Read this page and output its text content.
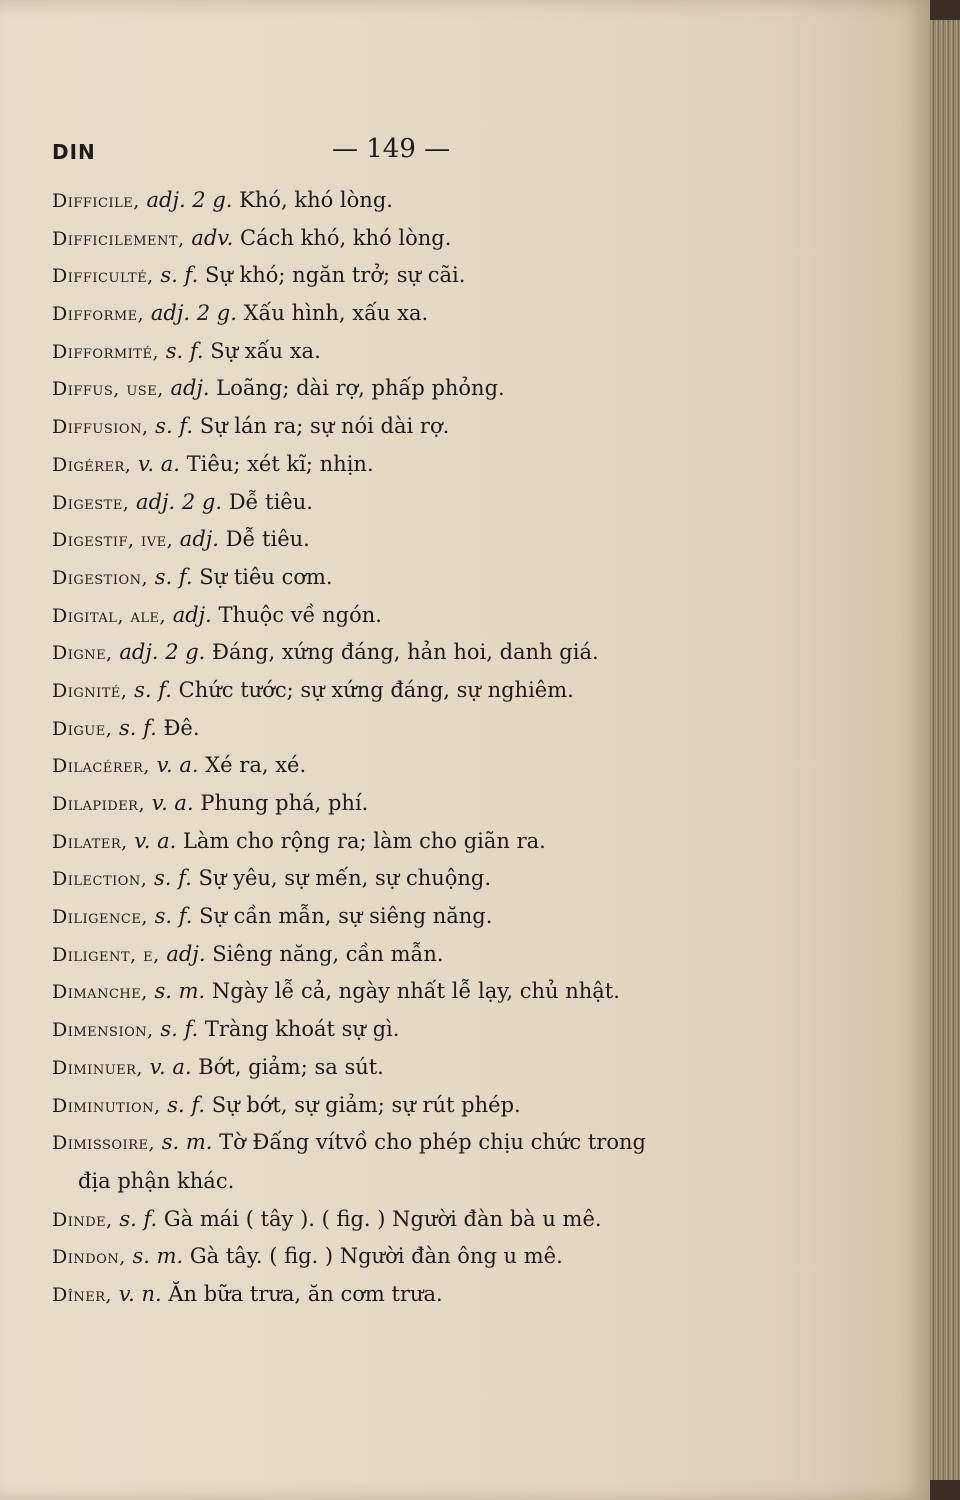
DIN	— 149 —
Difficile, adj. 2 g. Khó, khó lòng.
Difficilement, adv. Cách khó, khó lòng.
Difficulté, s. f. Sự khó; ngăn trở; sự cãi.
Difforme, adj. 2 g. Xấu hình, xấu xa.
Difformité, s. f. Sự xấu xa.
Diffus, use, adj. Loãng; dài rợ, phấp phỏng.
Diffusion, s. f. Sự lán ra; sự nói dài rợ.
Digérer, v. a. Tiêu; xét kĩ; nhịn.
Digeste, adj. 2 g. Dễ tiêu.
Digestif, ive, adj. Dễ tiêu.
Digestion, s. f. Sự tiêu cơm.
Digital, ale, adj. Thuộc về ngón.
Digne, adj. 2 g. Đáng, xứng đáng, hản hoi, danh giá.
Dignité, s. f. Chức tước; sự xứng đáng, sự nghiêm.
Digue, s. f. Đê.
Dilacérer, v. a. Xé ra, xé.
Dilapider, v. a. Phung phá, phí.
Dilater, v. a. Làm cho rộng ra; làm cho giãn ra.
Dilection, s. f. Sự yêu, sự mến, sự chuộng.
Diligence, s. f. Sự cần mẫn, sự siêng năng.
Diligent, e, adj. Siêng năng, cần mẫn.
Dimanche, s. m. Ngày lễ cả, ngày nhất lễ lạy, chủ nhật.
Dimension, s. f. Tràng khoát sự gì.
Diminuer, v. a. Bớt, giảm; sa sút.
Diminution, s. f. Sự bớt, sự giảm; sự rút phép.
Dimissoire, s. m. Tờ Đấng vítvồ cho phép chịu chức trong
địa phận khác.
Dinde, s. f. Gà mái ( tây ). ( fig. ) Người đàn bà u mê.
Dindon, s. m. Gà tây. ( fig. ) Người đàn ông u mê.
Dîner, v. n. Ăn bữa trưa, ăn cơm trưa.
